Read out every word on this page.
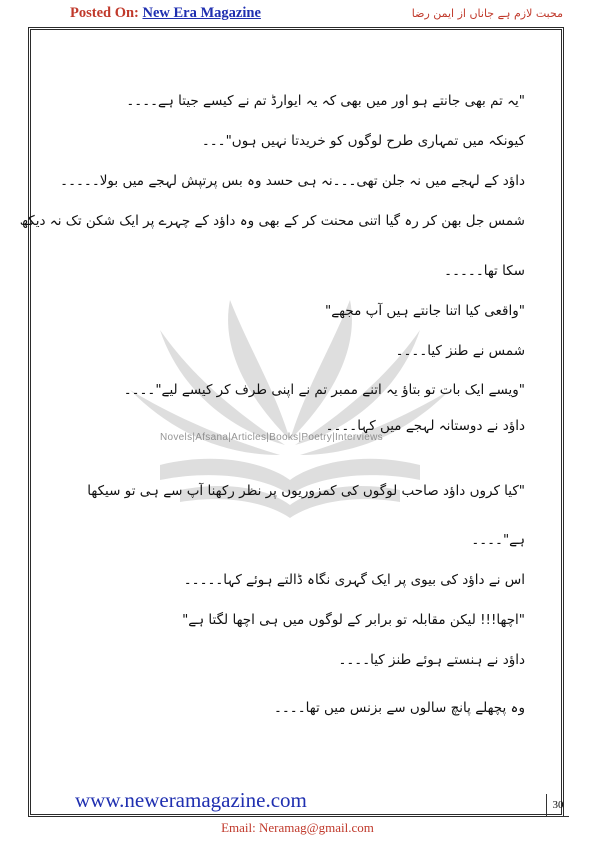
Posted On: New Era Magazine	محبت لازم ہے جاناں از ایمن رضا
Novels|Afsana|Articles|Books|Poetry|Interviews
"یہ تم بھی جانتے ہو اور میں بھی کہ یہ ایوارڈ تم نے کیسے جیتا ہے۔۔۔۔
کیونکہ میں تمہاری طرح لوگوں کو خریدتا نہیں ہوں"۔۔۔
داؤد کے لہجے میں نہ جلن تھی۔۔۔نہ ہی حسد وہ بس پرتپش لہجے میں بولا۔۔۔۔۔
شمس جل بھن کر رہ گیا اتنی محنت کر کے بھی وہ داؤد کے چہرے پر ایک شکن تک نہ دیکھ
سکا تھا۔۔۔۔۔
"واقعی کیا اتنا جانتے ہیں آپ مجھے"
شمس نے طنز کیا۔۔۔۔
"ویسے ایک بات تو بتاؤ یہ اتنے ممبر تم نے اپنی طرف کر کیسے لیے"۔۔۔۔
داؤد نے دوستانہ لہجے میں کہا۔۔۔۔
"کیا کروں داؤد صاحب لوگوں کی کمزوریوں پر نظر رکھنا آپ سے ہی تو سیکھا
ہے"۔۔۔۔
اس نے داؤد کی بیوی پر ایک گہری نگاہ ڈالتے ہوئے کہا۔۔۔۔۔
"اچھا!!! لیکن مقابلہ تو برابر کے لوگوں میں ہی اچھا لگتا ہے"
داؤد نے ہنستے ہوئے طنز کیا۔۔۔۔
وہ پچھلے پانچ سالوں سے بزنس میں تھا۔۔۔۔
www.neweramagazine.com	30
Email: Neramag@gmail.com
